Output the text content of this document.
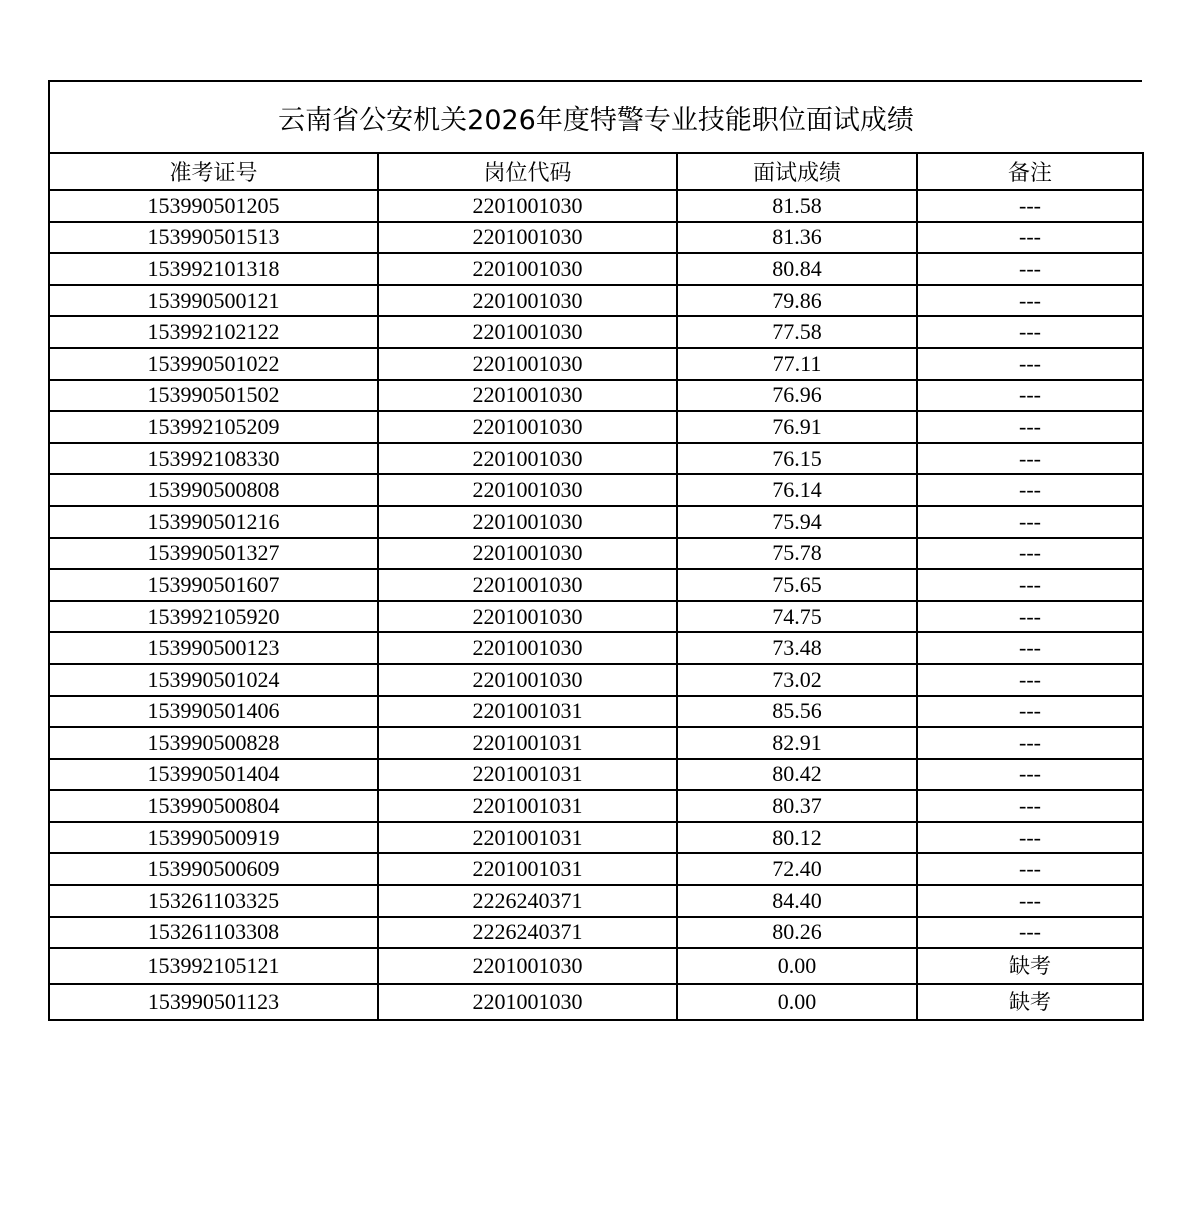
云南省公安机关2026年度特警专业技能职位面试成绩
准考证号	岗位代码	面试成绩	备注
153990501205	2201001030	81.58	---
153990501513	2201001030	81.36	---
153992101318	2201001030	80.84	---
153990500121	2201001030	79.86	---
153992102122	2201001030	77.58	---
153990501022	2201001030	77.11	---
153990501502	2201001030	76.96	---
153992105209	2201001030	76.91	---
153992108330	2201001030	76.15	---
153990500808	2201001030	76.14	---
153990501216	2201001030	75.94	---
153990501327	2201001030	75.78	---
153990501607	2201001030	75.65	---
153992105920	2201001030	74.75	---
153990500123	2201001030	73.48	---
153990501024	2201001030	73.02	---
153990501406	2201001031	85.56	---
153990500828	2201001031	82.91	---
153990501404	2201001031	80.42	---
153990500804	2201001031	80.37	---
153990500919	2201001031	80.12	---
153990500609	2201001031	72.40	---
153261103325	2226240371	84.40	---
153261103308	2226240371	80.26	---
153992105121	2201001030	0.00	缺考
153990501123	2201001030	0.00	缺考
